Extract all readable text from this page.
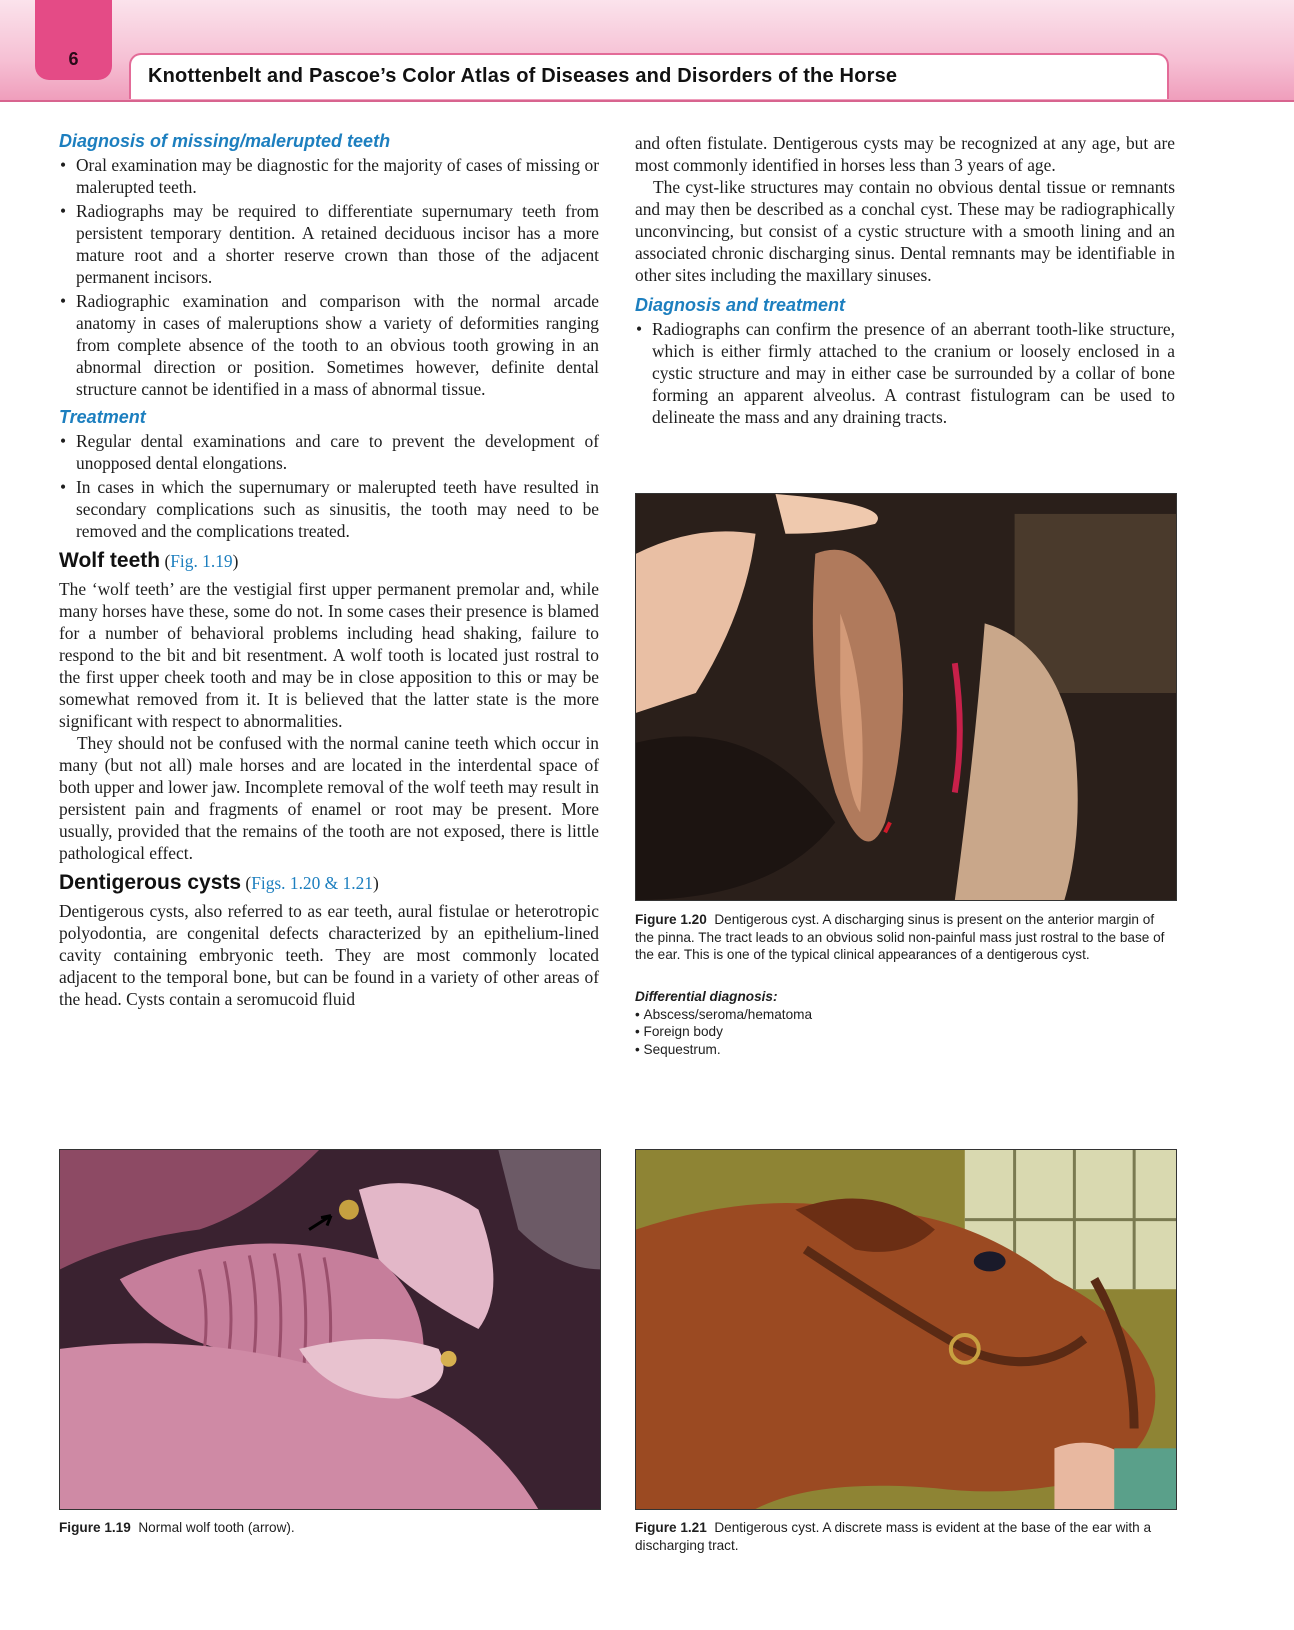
6
Knottenbelt and Pascoe’s Color Atlas of Diseases and Disorders of the Horse
Diagnosis of missing/malerupted teeth
• Oral examination may be diagnostic for the majority of cases of missing or malerupted teeth.
• Radiographs may be required to differentiate supernumary teeth from persistent temporary dentition. A retained deciduous incisor has a more mature root and a shorter reserve crown than those of the adjacent permanent incisors.
• Radiographic examination and comparison with the normal arcade anatomy in cases of maleruptions show a variety of deformities ranging from complete absence of the tooth to an obvious tooth growing in an abnormal direction or position. Sometimes however, definite dental structure cannot be identified in a mass of abnormal tissue.
Treatment
• Regular dental examinations and care to prevent the development of unopposed dental elongations.
• In cases in which the supernumary or malerupted teeth have resulted in secondary complications such as sinusitis, the tooth may need to be removed and the complications treated.
Wolf teeth (Fig. 1.19)

The ‘wolf teeth’ are the vestigial first upper permanent premolar and, while many horses have these, some do not. In some cases their presence is blamed for a number of behavioral problems including head shaking, failure to respond to the bit and bit resentment. A wolf tooth is located just rostral to the first upper cheek tooth and may be in close apposition to this or may be somewhat removed from it. It is believed that the latter state is the more significant with respect to abnormalities.

They should not be confused with the normal canine teeth which occur in many (but not all) male horses and are located in the interdental space of both upper and lower jaw. Incomplete removal of the wolf teeth may result in persistent pain and fragments of enamel or root may be present. More usually, provided that the remains of the tooth are not exposed, there is little pathological effect.

Dentigerous cysts (Figs. 1.20 & 1.21)

Dentigerous cysts, also referred to as ear teeth, aural fistulae or heterotropic polyodontia, are congenital defects characterized by an epithelium-lined cavity containing embryonic teeth. They are most commonly located adjacent to the temporal bone, but can be found in a variety of other areas of the head. Cysts contain a seromucoid fluid

and often fistulate. Dentigerous cysts may be recognized at any age, but are most commonly identified in horses less than 3 years of age.

The cyst-like structures may contain no obvious dental tissue or remnants and may then be described as a conchal cyst. These may be radiographically unconvincing, but consist of a cystic structure with a smooth lining and an associated chronic discharging sinus. Dental remnants may be identifiable in other sites including the maxillary sinuses.

Diagnosis and treatment
• Radiographs can confirm the presence of an aberrant tooth-like structure, which is either firmly attached to the cranium or loosely enclosed in a cystic structure and may in either case be surrounded by a collar of bone forming an apparent alveolus. A contrast fistulogram can be used to delineate the mass and any draining tracts.
Figure 1.20 Dentigerous cyst. A discharging sinus is present on the anterior margin of the pinna. The tract leads to an obvious solid non-painful mass just rostral to the base of the ear. This is one of the typical clinical appearances of a dentigerous cyst.

Differential diagnosis:

• Abscess/seroma/hematoma
• Foreign body
• Sequestrum.
Figure 1.19 Normal wolf tooth (arrow).	Figure 1.21 Dentigerous cyst. A discrete mass is evident at the base of the ear with a discharging tract.
